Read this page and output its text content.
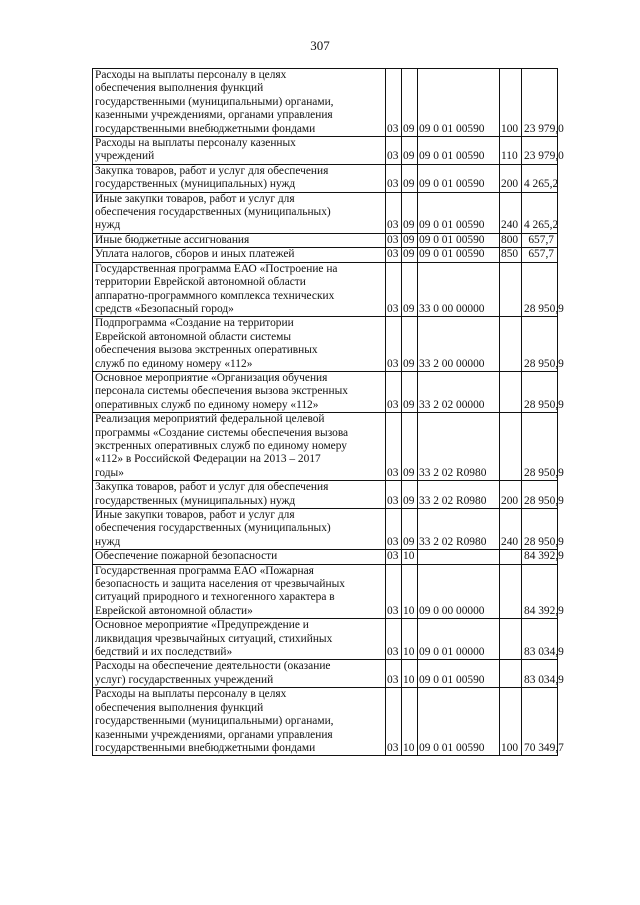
307
Расходы на выплаты персоналу в целях
обеспечения выполнения функций
государственными (муниципальными) органами,
казенными учреждениями, органами управления
государственными внебюджетными фондами	03	09	09 0 01 00590	100	23 979,0

Расходы на выплаты персоналу казенных
учреждений	03	09	09 0 01 00590	110	23 979,0

Закупка товаров, работ и услуг для обеспечения
государственных (муниципальных) нужд	03	09	09 0 01 00590	200	4 265,2

Иные закупки товаров, работ и услуг для
обеспечения государственных (муниципальных)
нужд	03	09	09 0 01 00590	240	4 265,2

Иные бюджетные ассигнования	03	09	09 0 01 00590	800	657,7

Уплата налогов, сборов и иных платежей	03	09	09 0 01 00590	850	657,7

Государственная программа ЕАО «Построение на
территории Еврейской автономной области
аппаратно-программного комплекса технических
средств «Безопасный город»	03	09	33 0 00 00000		28 950,9

Подпрограмма «Создание на территории
Еврейской автономной области системы
обеспечения вызова экстренных оперативных
служб по единому номеру «112»	03	09	33 2 00 00000		28 950,9

Основное мероприятие «Организация обучения
персонала системы обеспечения вызова экстренных
оперативных служб по единому номеру «112»	03	09	33 2 02 00000		28 950,9

Реализация мероприятий федеральной целевой
программы «Создание системы обеспечения вызова
экстренных оперативных служб по единому номеру
«112» в Российской Федерации на 2013 – 2017
годы»	03	09	33 2 02 R0980		28 950,9

Закупка товаров, работ и услуг для обеспечения
государственных (муниципальных) нужд	03	09	33 2 02 R0980	200	28 950,9

Иные закупки товаров, работ и услуг для
обеспечения государственных (муниципальных)
нужд	03	09	33 2 02 R0980	240	28 950,9

Обеспечение пожарной безопасности	03	10			84 392,9

Государственная программа ЕАО «Пожарная
безопасность и защита населения от чрезвычайных
ситуаций природного и техногенного характера в
Еврейской автономной области»	03	10	09 0 00 00000		84 392,9

Основное мероприятие «Предупреждение и
ликвидация чрезвычайных ситуаций, стихийных
бедствий и их последствий»	03	10	09 0 01 00000		83 034,9

Расходы на обеспечение деятельности (оказание
услуг) государственных учреждений	03	10	09 0 01 00590		83 034,9

Расходы на выплаты персоналу в целях
обеспечения выполнения функций
государственными (муниципальными) органами,
казенными учреждениями, органами управления
государственными внебюджетными фондами	03	10	09 0 01 00590	100	70 349,7
